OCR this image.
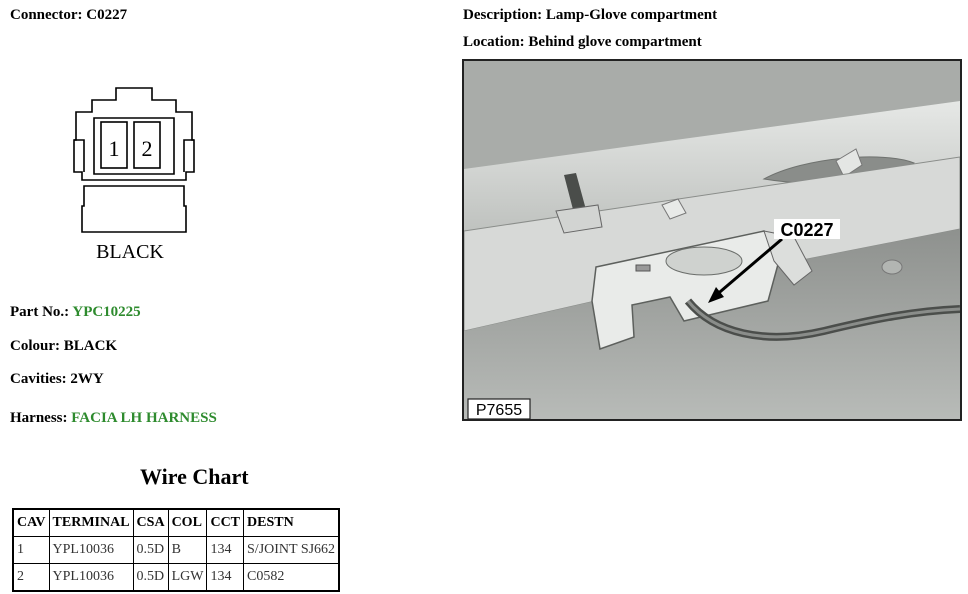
Connector: C0227	Description: Lamp-Glove compartment
Location: Behind glove compartment
1 2
BLACK
Part No.: YPC10225
Colour: BLACK
Cavities: 2WY
Harness: FACIA LH HARNESS
C0227
P7655
Wire Chart
CAV	TERMINAL	CSA	COL	CCT	DESTN
1	YPL10036	0.5D	B	134	S/JOINT SJ662
2	YPL10036	0.5D	LGW	134	C0582
